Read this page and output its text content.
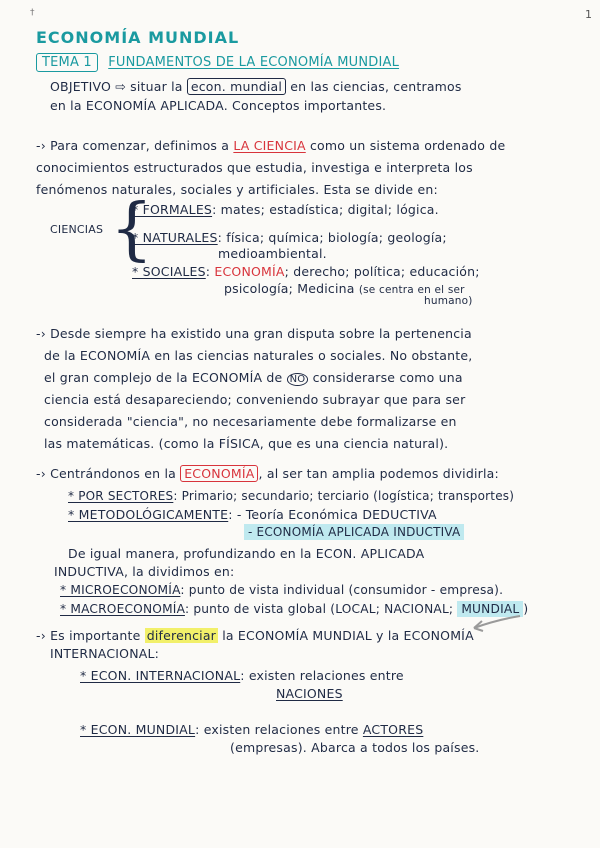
†	1
ECONOMÍA MUNDIAL
TEMA 1 FUNDAMENTOS DE LA ECONOMÍA MUNDIAL
OBJETIVO ⇨ situar la econ. mundial en las ciencias, centramos
en la ECONOMÍA APLICADA. Conceptos importantes.
-› Para comenzar, definimos a LA CIENCIA como un sistema ordenado de
conocimientos estructurados que estudia, investiga e interpreta los
fenómenos naturales, sociales y artificiales. Esta se divide en:
CIENCIAS {
* FORMALES: mates; estadística; digital; lógica.
* NATURALES: física; química; biología; geología;
medioambiental.
* SOCIALES: ECONOMÍA; derecho; política; educación;
psicología; Medicina (se centra en el ser
humano)
-› Desde siempre ha existido una gran disputa sobre la pertenencia
de la ECONOMÍA en las ciencias naturales o sociales. No obstante,
el gran complejo de la ECONOMÍA de NO considerarse como una
ciencia está desapareciendo; conveniendo subrayar que para ser
considerada "ciencia", no necesariamente debe formalizarse en
las matemáticas. (como la FÍSICA, que es una ciencia natural).
-› Centrándonos en la ECONOMÍA , al ser tan amplia podemos dividirla:
* POR SECTORES: Primario; secundario; terciario (logística; transportes)
* METODOLÓGICAMENTE: - Teoría Económica DEDUCTIVA
- ECONOMÍA APLICADA INDUCTIVA
De igual manera, profundizando en la ECON. APLICADA
INDUCTIVA, la dividimos en:
* MICROECONOMÍA: punto de vista individual (consumidor - empresa).
* MACROECONOMÍA: punto de vista global (LOCAL; NACIONAL; MUNDIAL )
-› Es importante diferenciar la ECONOMÍA MUNDIAL y la ECONOMÍA
INTERNACIONAL:
* ECON. INTERNACIONAL: existen relaciones entre
NACIONES
* ECON. MUNDIAL: existen relaciones entre ACTORES
(empresas). Abarca a todos los países.
